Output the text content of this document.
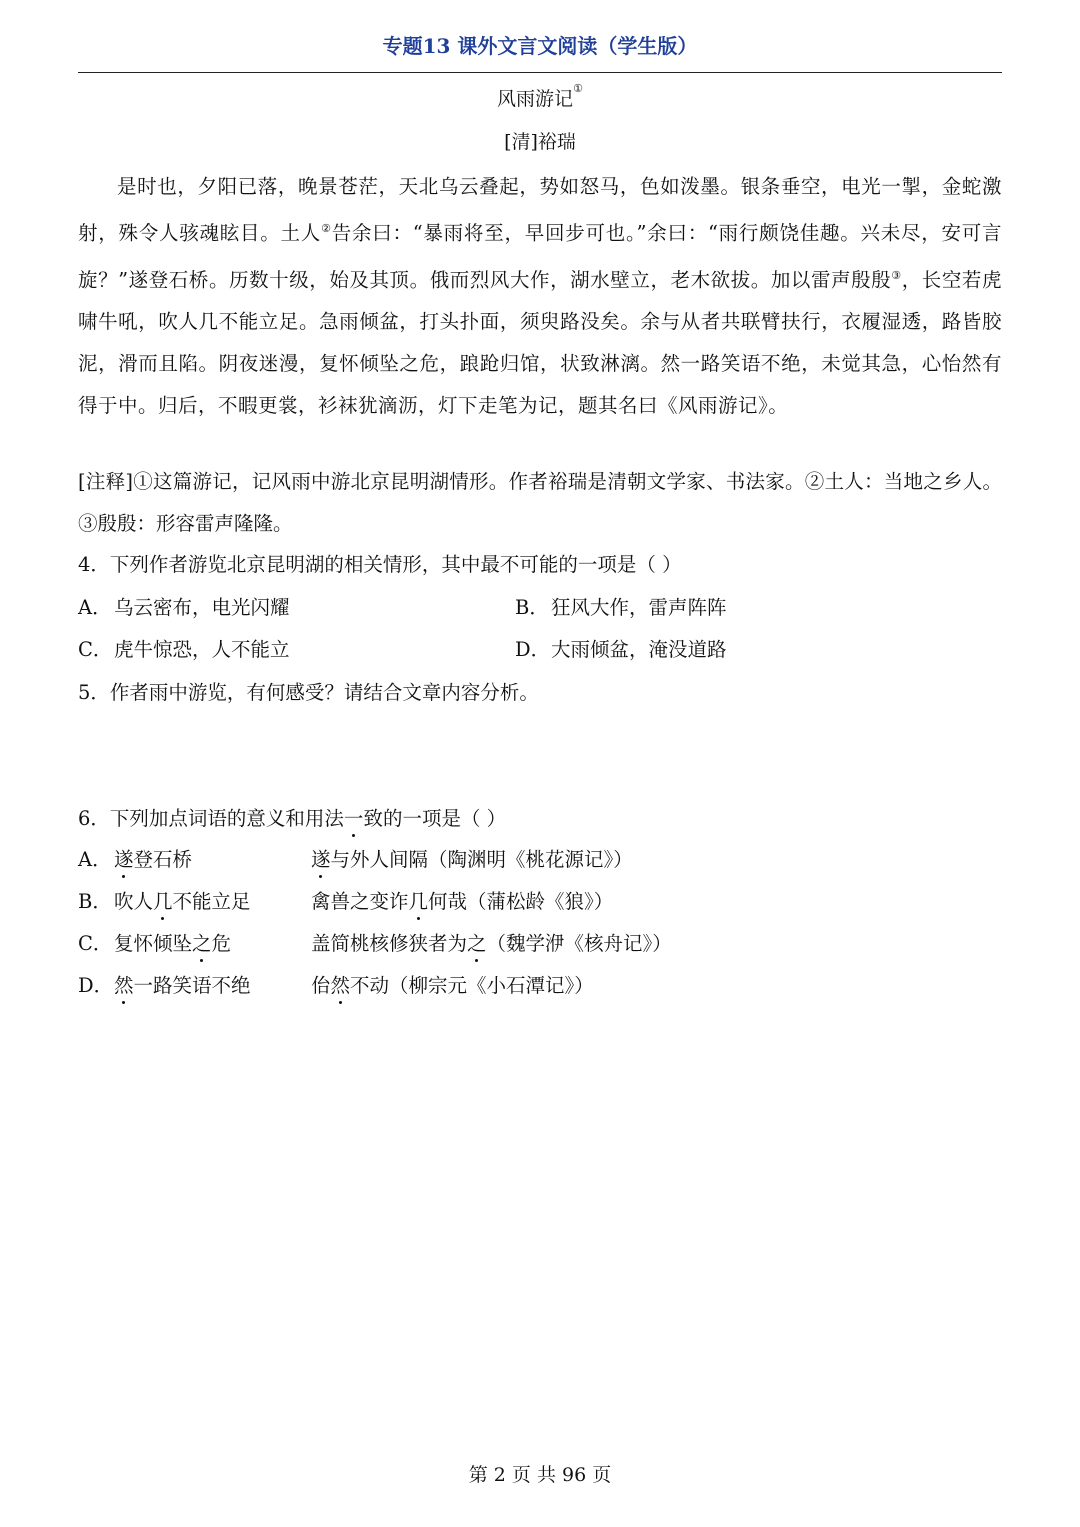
专题13 课外文言文阅读（学生版）
风雨游记①
[清]裕瑞
是时也，夕阳已落，晚景苍茫，天北乌云叠起，势如怒马，色如泼墨。银条垂空，电光一掣，金蛇激射，殊令人骇魂眩目。土人②告余曰：“暴雨将至，早回步可也。”余曰：“雨行颇饶佳趣。兴未尽，安可言旋？”遂登石桥。历数十级，始及其顶。俄而烈风大作，湖水壁立，老木欲拔。加以雷声殷殷③，长空若虎啸牛吼，吹人几不能立足。急雨倾盆，打头扑面，须臾路没矣。余与从者共联臂扶行，衣履湿透，路皆胶泥，滑而且陷。阴夜迷漫，复怀倾坠之危，踉跄归馆，状致淋漓。然一路笑语不绝，未觉其急，心怡然有得于中。归后，不暇更裳，衫袜犹滴沥，灯下走笔为记，题其名曰《风雨游记》。
[注释]①这篇游记，记风雨中游北京昆明湖情形。作者裕瑞是清朝文学家、书法家。②土人：当地之乡人。③殷殷：形容雷声隆隆。
4．下列作者游览北京昆明湖的相关情形，其中最不可能的一项是（ ）
A． 乌云密布，电光闪耀	B． 狂风大作，雷声阵阵
C．虎牛惊恐，人不能立	D．大雨倾盆，淹没道路
5．作者雨中游览，有何感受？请结合文章内容分析。
6．下列加点词语的意义和用法一致的一项是（ ）
A． 遂登石桥	遂与外人间隔（陶渊明《桃花源记》）
B． 吹人几不能立足	禽兽之变诈几何哉（蒲松龄《狼》）
C．复怀倾坠之危	盖简桃核修狭者为之（魏学洢《核舟记》）
D．然一路笑语不绝	佁然不动（柳宗元《小石潭记》）
第 2 页 共 96 页
